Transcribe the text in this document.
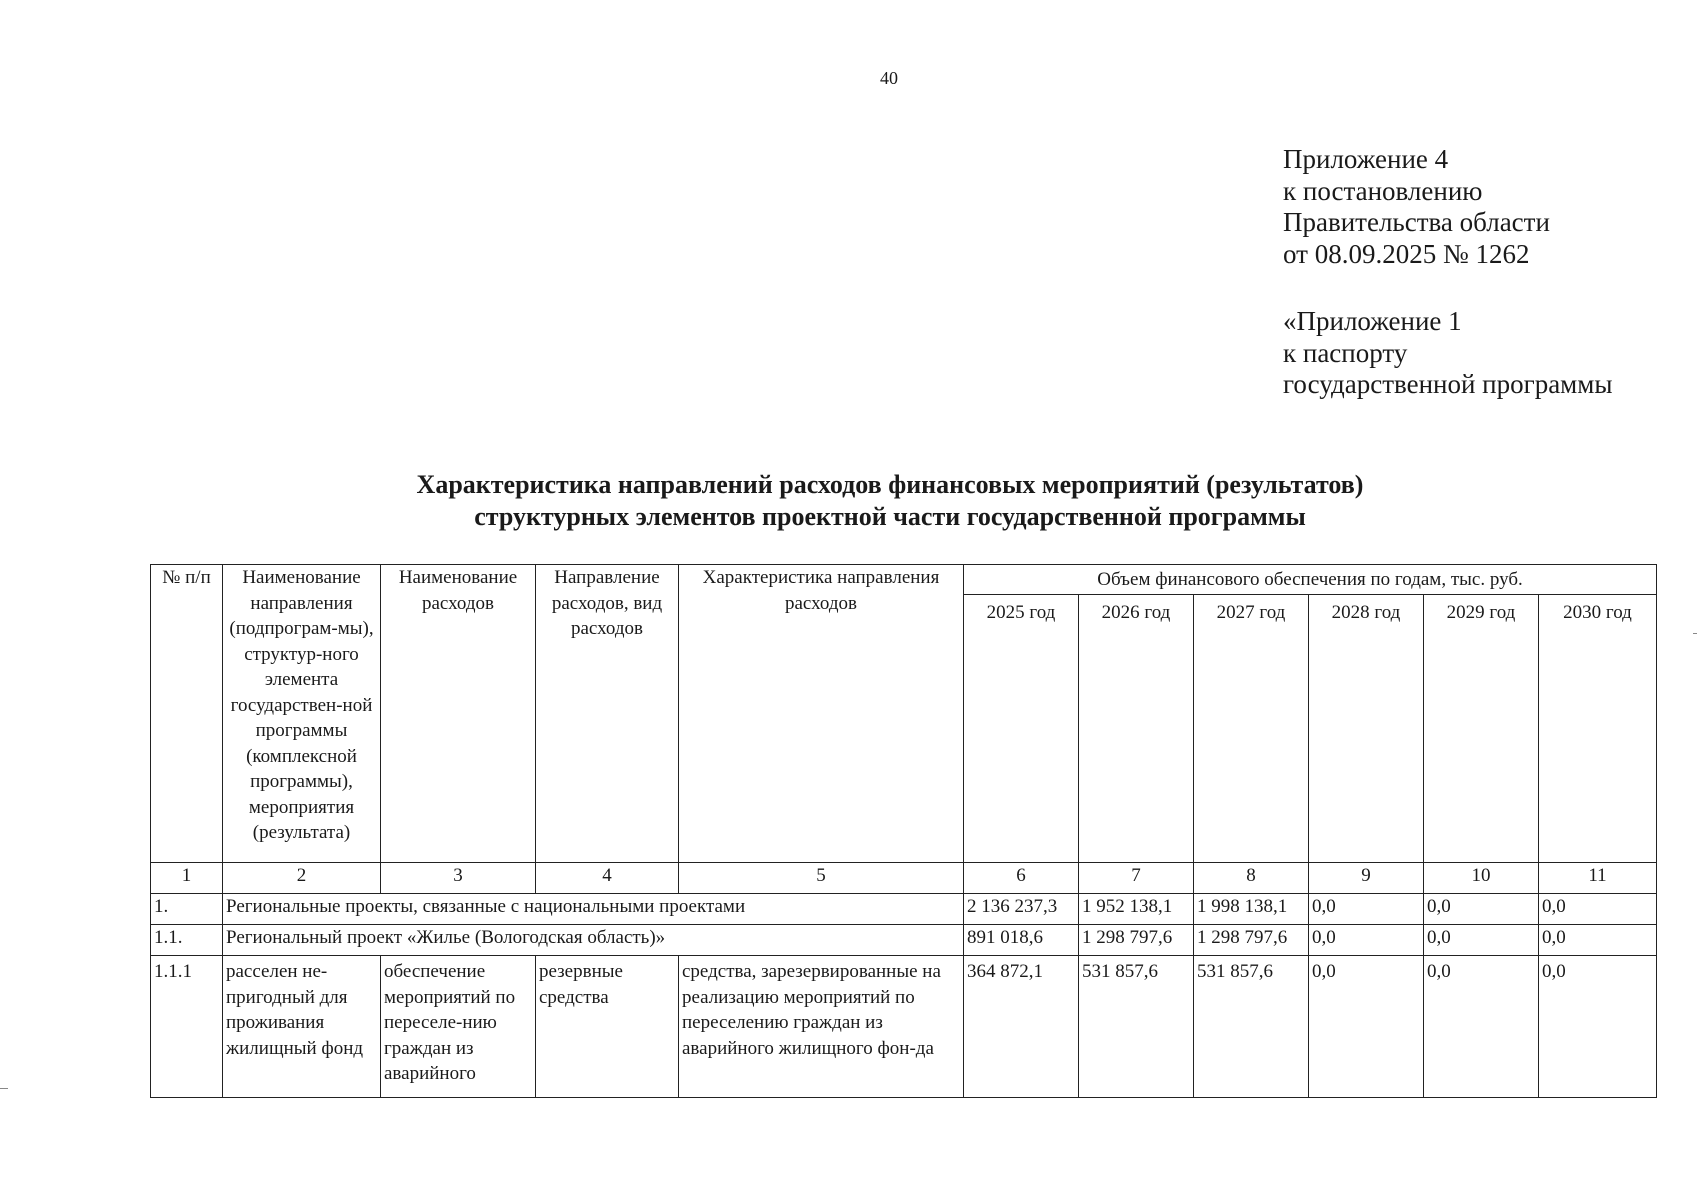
40
Приложение 4
к постановлению
Правительства области
от 08.09.2025 № 1262
«Приложение 1
к паспорту
государственной программы
Характеристика направлений расходов финансовых мероприятий (результатов)
структурных элементов проектной части государственной программы
№ п/п	Наименование направления (подпрограм-мы), структур-ного элемента государствен-ной программы (комплексной программы), мероприятия (результата)	Наименование расходов	Направление расходов, вид расходов	Характеристика направления расходов	Объем финансового обеспечения по годам, тыс. руб.					
					2025 год	2026 год	2027 год	2028 год	2029 год	2030 год
1	2	3	4	5	6	7	8	9	10	11
1.	Региональные проекты, связанные с национальными проектами				2 136 237,3	1 952 138,1	1 998 138,1	0,0	0,0	0,0
1.1.	Региональный проект «Жилье (Вологодская область)»				891 018,6	1 298 797,6	1 298 797,6	0,0	0,0	0,0
1.1.1	расселен не-пригодный для проживания жилищный фонд	обеспечение мероприятий по переселе-нию граждан из аварийного	резервные средства	средства, зарезервированные на реализацию мероприятий по переселению граждан из аварийного жилищного фон-да	364 872,1	531 857,6	531 857,6	0,0	0,0	0,0
